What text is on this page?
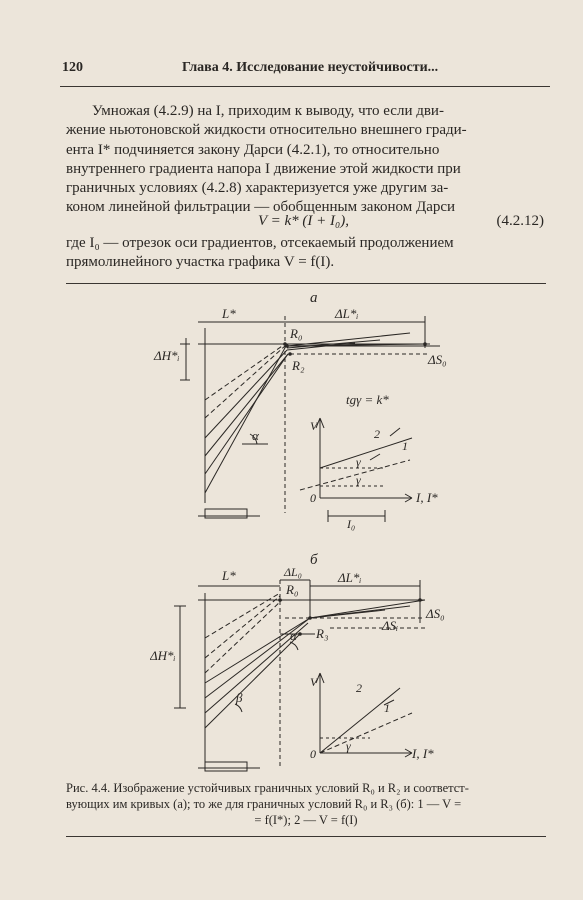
120	Глава 4. Исследование неустойчивости...
Умножая (4.2.9) на I, приходим к выводу, что если дви-
жение ньютоновской жидкости относительно внешнего гради-
ента I* подчиняется закону Дарси (4.2.1), то относительно
внутреннего градиента напора I движение этой жидкости при
граничных условиях (4.2.8) характеризуется уже другим за-
коном линейной фильтрации — обобщенным законом Дарси
V = k* (I + I₀),	(4.2.12)
где I₀ — отрезок оси градиентов, отсекаемый продолжением
прямолинейного участка графика V = f(I).
а
L*	ΔL*ᵢ
ΔH*ᵢ
R₀
R₂	ΔS₀
α
tgγ = k*
V
2
1
γ
γ
0	I, I*
I₀
б
L*	ΔL₀	ΔL*ᵢ
ΔH*ᵢ
R₀
R₃
ΔS₀
ΔSᵢ
α
β
V	2
1
γ
0	I, I*
Рис. 4.4. Изображение устойчивых граничных условий R₀ и R₂ и соответст-
вующих им кривых (а); то же для граничных условий R₀ и R₃ (б): 1 — V =
= f(I*); 2 — V = f(I)
